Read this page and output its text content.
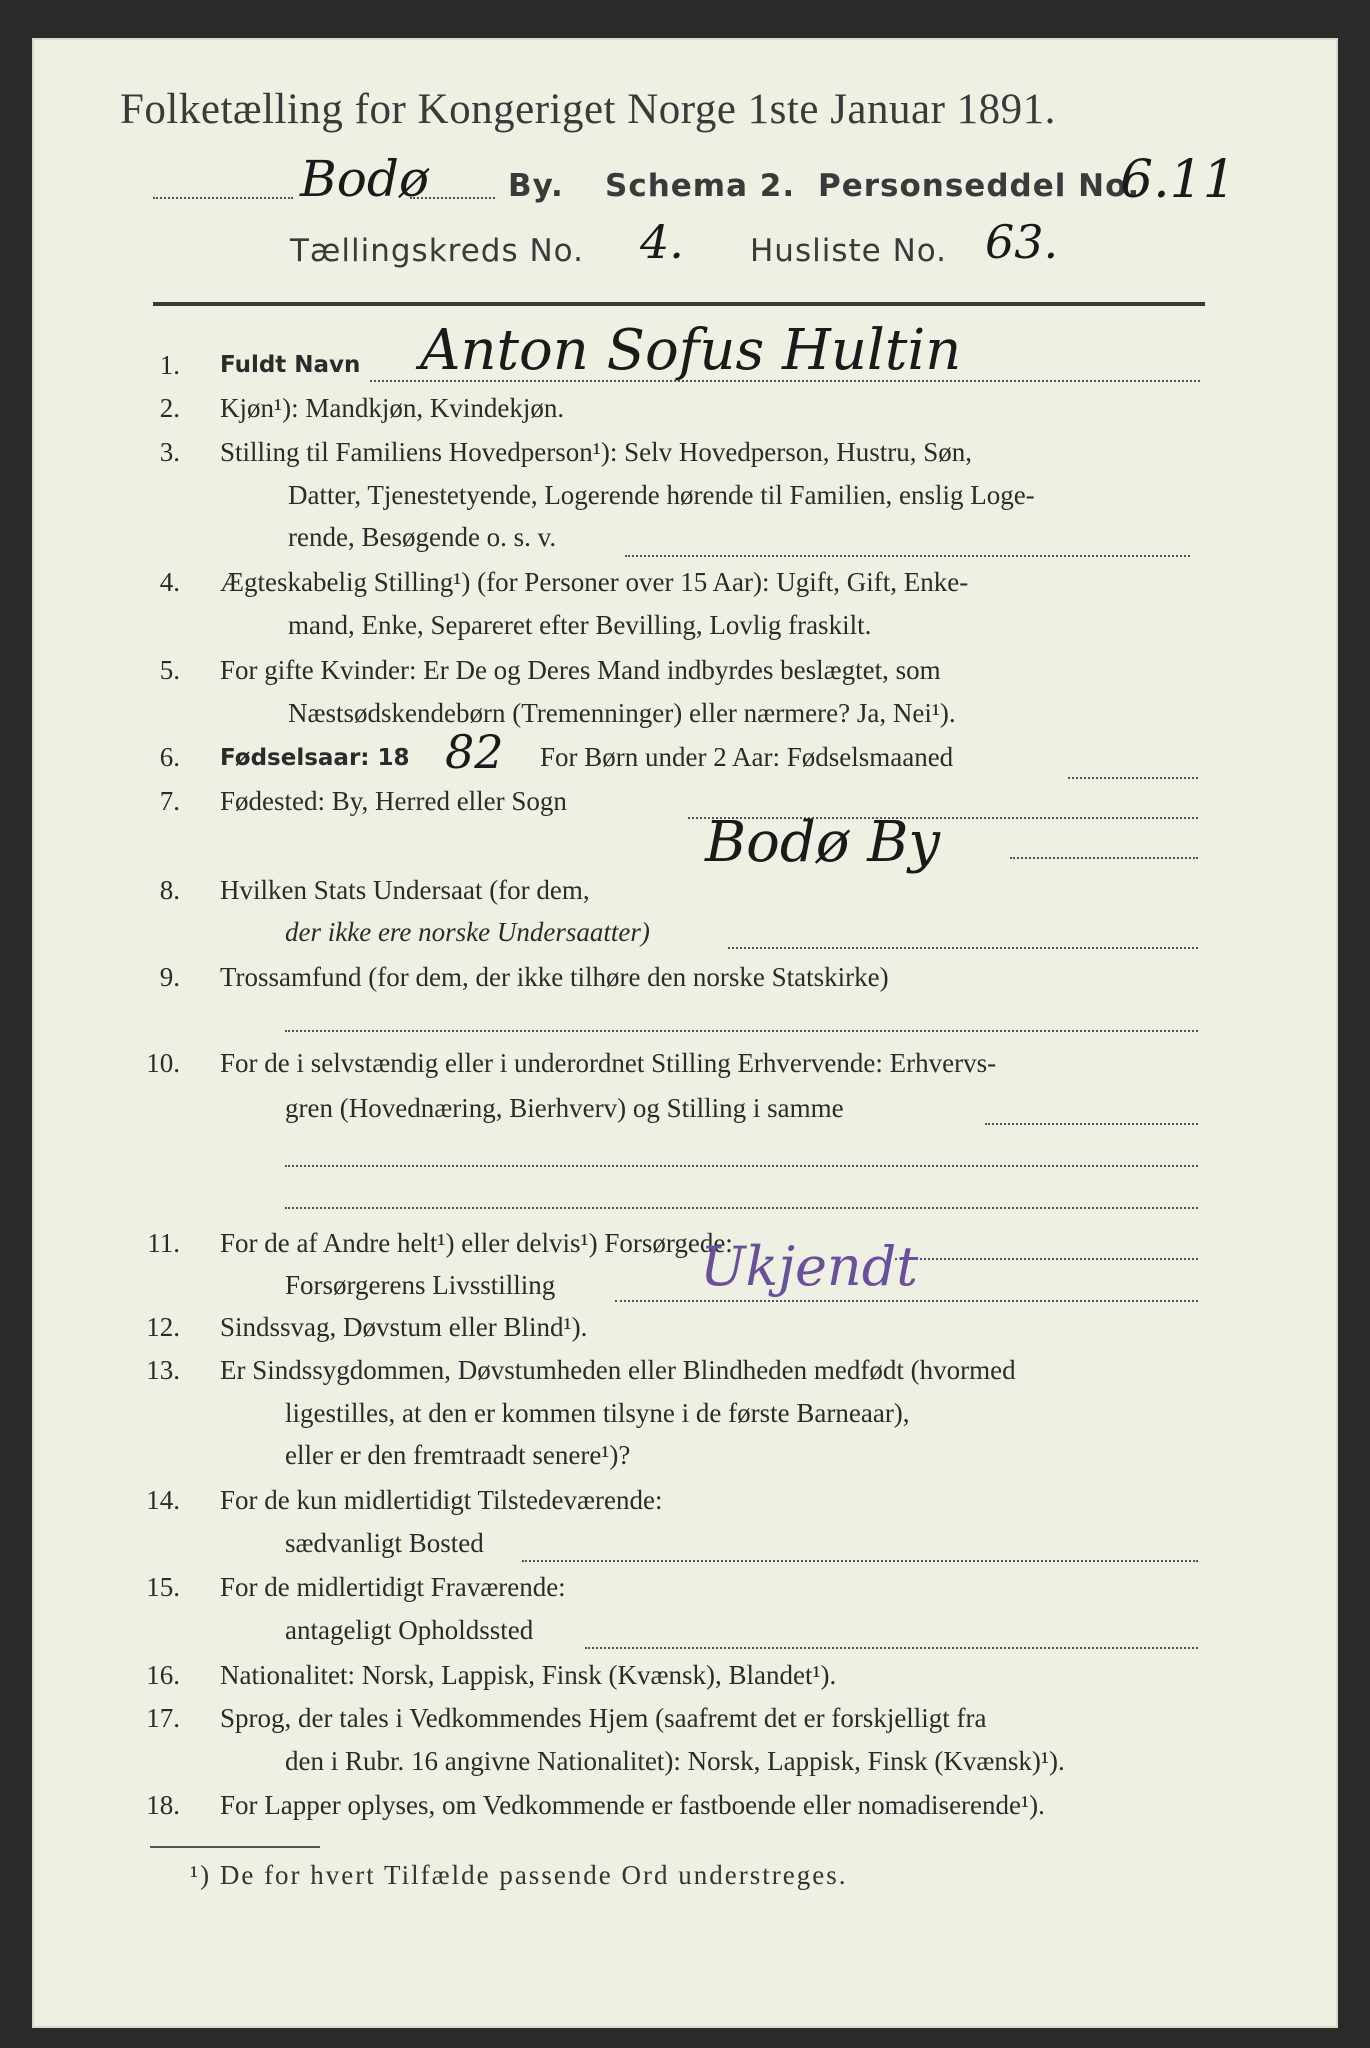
Folketælling for Kongeriget Norge 1ste Januar 1891.
Bodø	By. Schema 2. Personseddel No.
6.11
Tællingskreds No. 4. Husliste No. 63.
1. Fuldt Navn Anton Sofus Hultin
2. Kjøn¹): Mandkjøn, Kvindekjøn.
3. Stilling til Familiens Hovedperson¹): Selv Hovedperson, Hustru, Søn,
Datter, Tjenestetyende, Logerende hørende til Familien, enslig Loge-
rende, Besøgende o. s. v.
4. Ægteskabelig Stilling¹) (for Personer over 15 Aar): Ugift, Gift, Enke-
mand, Enke, Separeret efter Bevilling, Lovlig fraskilt.
5. For gifte Kvinder: Er De og Deres Mand indbyrdes beslægtet, som
Næstsødskendebørn (Tremenninger) eller nærmere? Ja, Nei¹).
6. Fødselsaar: 18 82 For Børn under 2 Aar: Fødselsmaaned
7. Fødested: By, Herred eller Sogn
Bodø By
8. Hvilken Stats Undersaat (for dem,
der ikke ere norske Undersaatter)
9. Trossamfund (for dem, der ikke tilhøre den norske Statskirke)
10. For de i selvstændig eller i underordnet Stilling Erhvervende: Erhvervs-
gren (Hovednæring, Bierhverv) og Stilling i samme
11. For de af Andre helt¹) eller delvis¹) Forsørgede:
Forsørgerens Livsstilling	Ukjendt
12. Sindssvag, Døvstum eller Blind¹).
13. Er Sindssygdommen, Døvstumheden eller Blindheden medfødt (hvormed
ligestilles, at den er kommen tilsyne i de første Barneaar),
eller er den fremtraadt senere¹)?
14. For de kun midlertidigt Tilstedeværende:
sædvanligt Bosted
15. For de midlertidigt Fraværende:
antageligt Opholdssted
16. Nationalitet: Norsk, Lappisk, Finsk (Kvænsk), Blandet¹).
17. Sprog, der tales i Vedkommendes Hjem (saafremt det er forskjelligt fra
den i Rubr. 16 angivne Nationalitet): Norsk, Lappisk, Finsk (Kvænsk)¹).
18. For Lapper oplyses, om Vedkommende er fastboende eller nomadiserende¹).
¹) De for hvert Tilfælde passende Ord understreges.
